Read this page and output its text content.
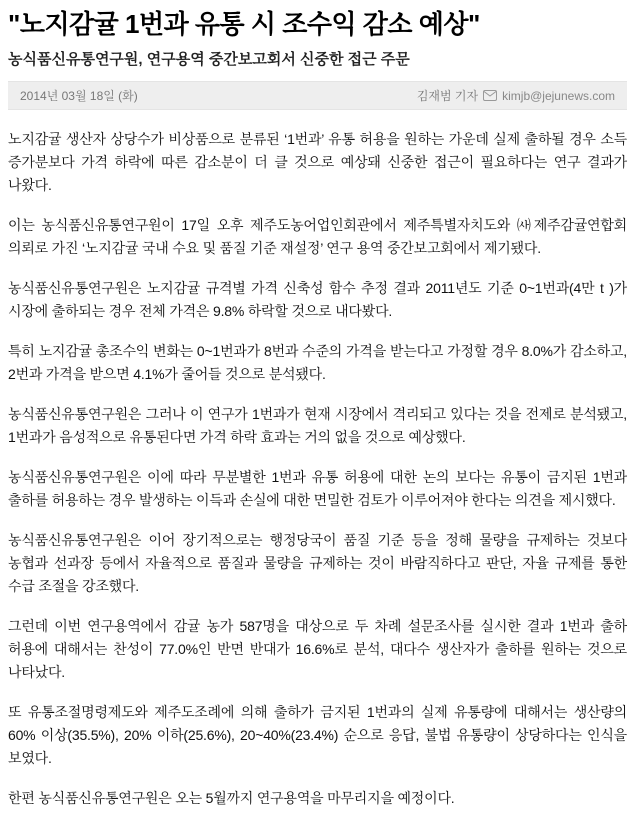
"노지감귤 1번과 유통 시 조수익 감소 예상"
농식품신유통연구원, 연구용역 중간보고회서 신중한 접근 주문
2014년 03월 18일 (화)	김재범 기자 kimjb@jejunews.com

노지감귤 생산자 상당수가 비상품으로 분류된 ‘1번과’ 유통 허용을 원하는 가운데 실제 출하될 경우 소득 증가분보다 가격 하락에 따른 감소분이 더 클 것으로 예상돼 신중한 접근이 필요하다는 연구 결과가 나왔다.

이는 농식품신유통연구원이 17일 오후 제주도농어업인회관에서 제주특별자치도와 ㈔제주감귤연합회 의뢰로 가진 ‘노지감귤 국내 수요 및 품질 기준 재설정’ 연구 용역 중간보고회에서 제기됐다.

농식품신유통연구원은 노지감귤 규격별 가격 신축성 함수 추정 결과 2011년도 기준 0~1번과(4만 t )가 시장에 출하되는 경우 전체 가격은 9.8% 하락할 것으로 내다봤다.

특히 노지감귤 총조수익 변화는 0~1번과가 8번과 수준의 가격을 받는다고 가정할 경우 8.0%가 감소하고, 2번과 가격을 받으면 4.1%가 줄어들 것으로 분석됐다.

농식품신유통연구원은 그러나 이 연구가 1번과가 현재 시장에서 격리되고 있다는 것을 전제로 분석됐고, 1번과가 음성적으로 유통된다면 가격 하락 효과는 거의 없을 것으로 예상했다.

농식품신유통연구원은 이에 따라 무분별한 1번과 유통 허용에 대한 논의 보다는 유통이 금지된 1번과 출하를 허용하는 경우 발생하는 이득과 손실에 대한 면밀한 검토가 이루어져야 한다는 의견을 제시했다.

농식품신유통연구원은 이어 장기적으로는 행정당국이 품질 기준 등을 정해 물량을 규제하는 것보다 농협과 선과장 등에서 자율적으로 품질과 물량을 규제하는 것이 바람직하다고 판단, 자율 규제를 통한 수급 조절을 강조했다.

그런데 이번 연구용역에서 감귤 농가 587명을 대상으로 두 차례 설문조사를 실시한 결과 1번과 출하 허용에 대해서는 찬성이 77.0%인 반면 반대가 16.6%로 분석, 대다수 생산자가 출하를 원하는 것으로 나타났다.

또 유통조절명령제도와 제주도조례에 의해 출하가 금지된 1번과의 실제 유통량에 대해서는 생산량의 60% 이상(35.5%), 20% 이하(25.6%), 20~40%(23.4%) 순으로 응답, 불법 유통량이 상당하다는 인식을 보였다.

한편 농식품신유통연구원은 오는 5월까지 연구용역을 마무리지을 예정이다.
